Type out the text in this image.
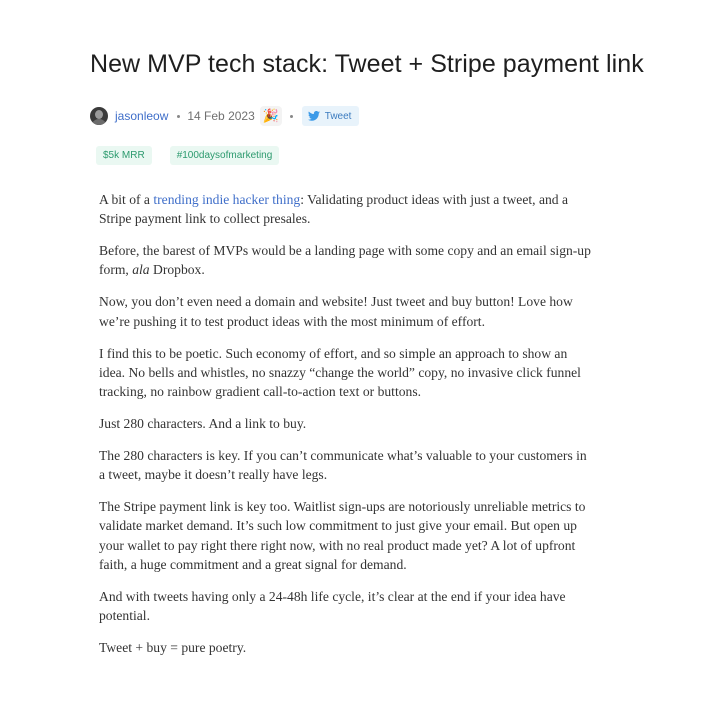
New MVP tech stack: Tweet + Stripe payment link
jasonleow 14 Feb 2023 🎉	Tweet
$5k MRR	#100daysofmarketing

A bit of a trending indie hacker thing: Validating product ideas with just a tweet, and a Stripe payment link to collect presales.

Before, the barest of MVPs would be a landing page with some copy and an email sign-up form, ala Dropbox.

Now, you don’t even need a domain and website! Just tweet and buy button! Love how we’re pushing it to test product ideas with the most minimum of effort.

I find this to be poetic. Such economy of effort, and so simple an approach to show an idea. No bells and whistles, no snazzy “change the world” copy, no invasive click funnel tracking, no rainbow gradient call-to-action text or buttons.

Just 280 characters. And a link to buy.

The 280 characters is key. If you can’t communicate what’s valuable to your customers in a tweet, maybe it doesn’t really have legs.

The Stripe payment link is key too. Waitlist sign-ups are notoriously unreliable metrics to validate market demand. It’s such low commitment to just give your email. But open up your wallet to pay right there right now, with no real product made yet? A lot of upfront faith, a huge commitment and a great signal for demand.

And with tweets having only a 24-48h life cycle, it’s clear at the end if your idea have potential.

Tweet + buy = pure poetry.
